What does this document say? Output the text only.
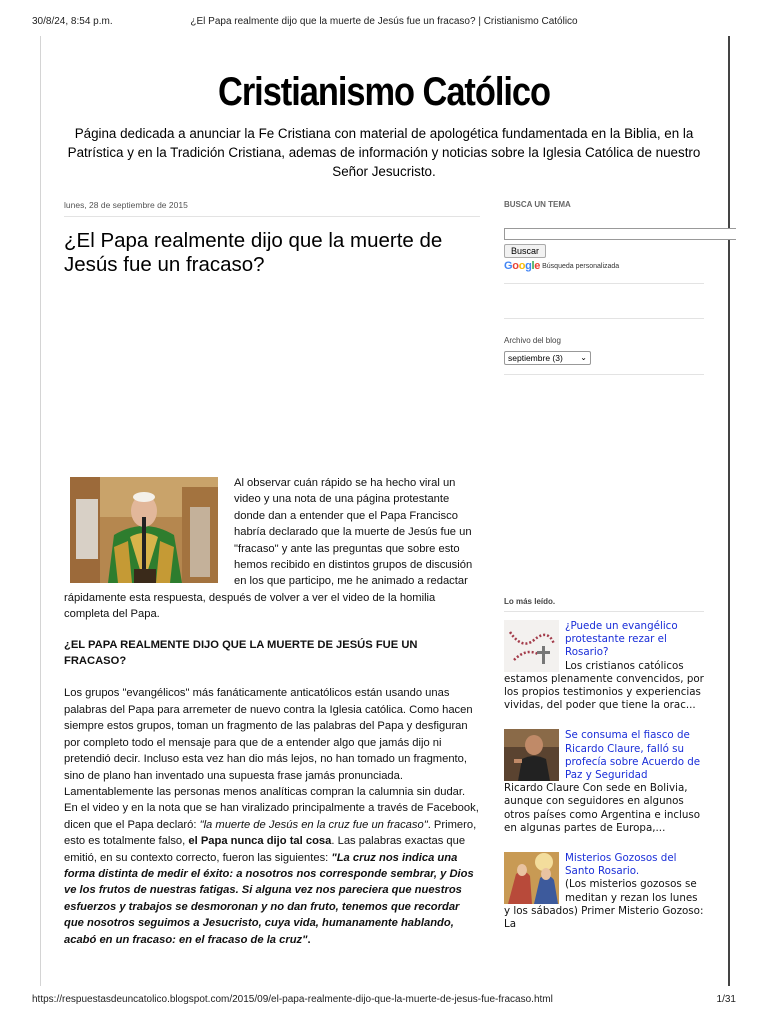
30/8/24, 8:54 p.m.	¿El Papa realmente dijo que la muerte de Jesús fue un fracaso? | Cristianismo Católico
Cristianismo Católico

Página dedicada a anunciar la Fe Cristiana con material de apologética fundamentada en la Biblia, en la Patrística y en la Tradición Cristiana, ademas de información y noticias sobre la Iglesia Católica de nuestro Señor Jesucristo.

lunes, 28 de septiembre de 2015
¿El Papa realmente dijo que la muerte de Jesús fue un fracaso?

Al observar cuán rápido se ha hecho viral un video y una nota de una página protestante donde dan a entender que el Papa Francisco habría declarado que la muerte de Jesús fue un "fracaso" y ante las preguntas que sobre esto hemos recibido en distintos grupos de discusión en los que participo, me he animado a redactar rápidamente esta respuesta, después de volver a ver el video de la homilia completa del Papa.

¿EL PAPA REALMENTE DIJO QUE LA MUERTE DE JESÚS FUE UN FRACASO?

Los grupos "evangélicos" más fanáticamente anticatólicos están usando unas palabras del Papa para arremeter de nuevo contra la Iglesia católica. Como hacen siempre estos grupos, toman un fragmento de las palabras del Papa y desfiguran por completo todo el mensaje para que de a entender algo que jamás dijo ni pretendió decir. Incluso esta vez han dio más lejos, no han tomado un fragmento, sino de plano han inventado una supuesta frase jamás pronunciada. Lamentablemente las personas menos analíticas compran la calumnia sin dudar. En el video y en la nota que se han viralizado principalmente a través de Facebook, dicen que el Papa declaró: "la muerte de Jesús en la cruz fue un fracaso". Primero, esto es totalmente falso, el Papa nunca dijo tal cosa. Las palabras exactas que emitió, en su contexto correcto, fueron las siguientes: "La cruz nos indica una forma distinta de medir el éxito: a nosotros nos corresponde sembrar, y Dios ve los frutos de nuestras fatigas. Si alguna vez nos pareciera que nuestros esfuerzos y trabajos se desmoronan y no dan fruto, tenemos que recordar que nosotros seguimos a Jesucristo, cuya vida, humanamente hablando, acabó en un fracaso: en el fracaso de la cruz".

BUSCA UN TEMA
Buscar
Google Búsqueda personalizada
Archivo del blog
septiembre (3) ⌄
Lo más leído.
¿Puede un evangélico protestante rezar el Rosario?
Los cristianos católicos estamos plenamente convencidos, por los propios testimonios y experiencias vividas, del poder que tiene la orac...
Se consuma el fiasco de Ricardo Claure, falló su profecía sobre Acuerdo de Paz y Seguridad
Ricardo Claure Con sede en Bolivia, aunque con seguidores en algunos otros países como Argentina e incluso en algunas partes de Europa,...
Misterios Gozosos del Santo Rosario.
(Los misterios gozosos se meditan y rezan los lunes y los sábados) Primer Misterio Gozoso: La
https://respuestasdeuncatolico.blogspot.com/2015/09/el-papa-realmente-dijo-que-la-muerte-de-jesus-fue-fracaso.html	1/31
